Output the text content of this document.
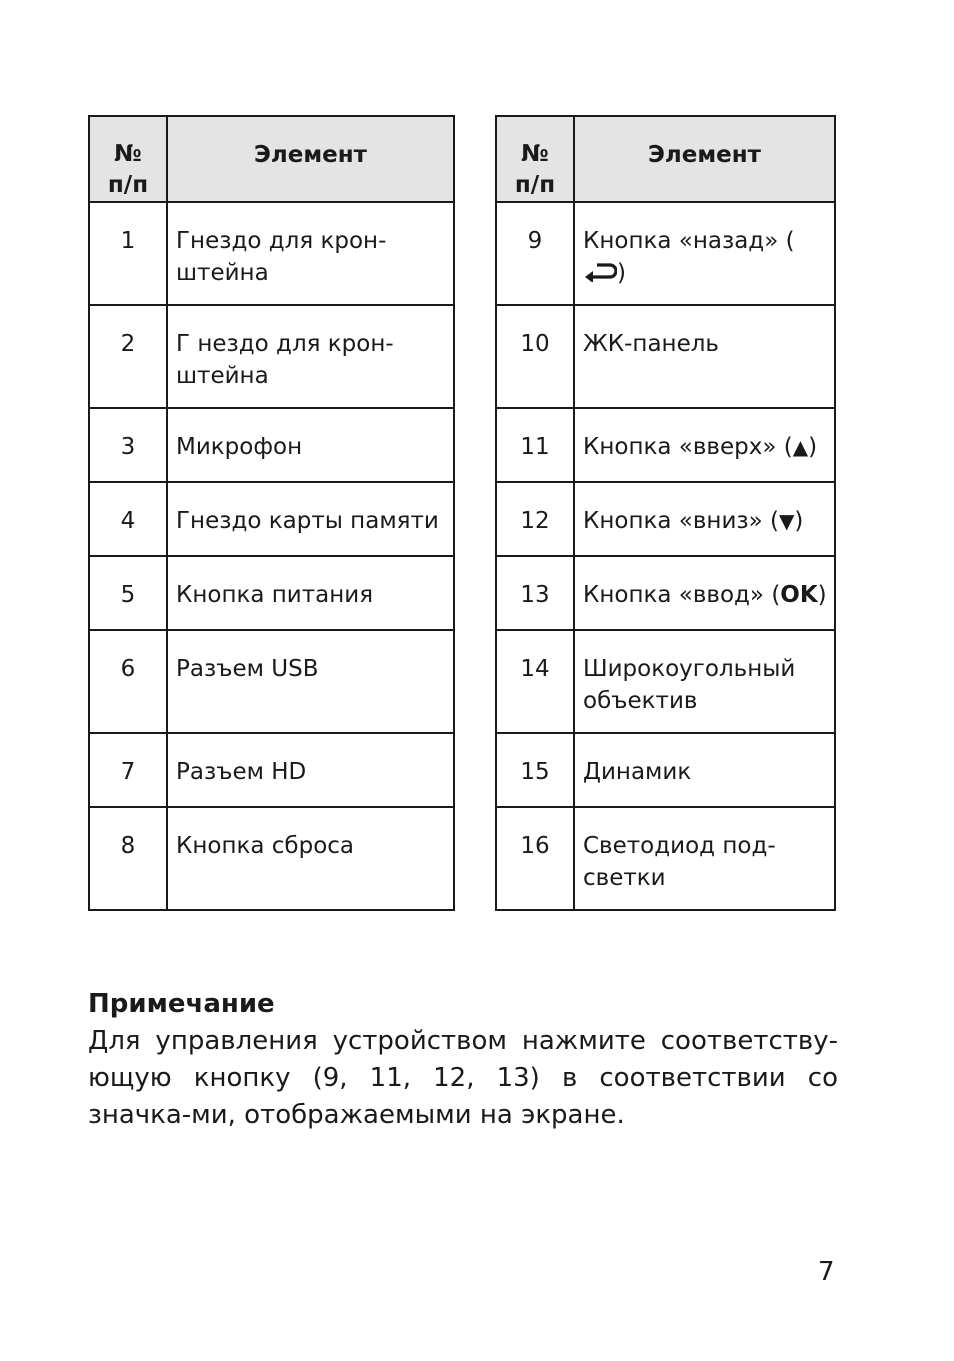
№
п/п	Элемент
1	Гнездо для крон-
штейна
2	Г нездо для крон-
штейна
3	Микрофон
4	Гнездо карты памяти
5	Кнопка питания
6	Разъем USB
7	Разъем HD
8	Кнопка сброса
№
п/п	Элемент
9	Кнопка «назад» ()
10	ЖК-панель
11	Кнопка «вверх» (▲)
12	Кнопка «вниз» (▼)
13	Кнопка «ввод» (OK)
14	Широкоугольный
объектив
15	Динамик
16	Светодиод под-
светки

Примечание

Для управления устройством нажмите соответству-ющую кнопку (9, 11, 12, 13) в соответствии со значка-ми, отображаемыми на экране.

7
